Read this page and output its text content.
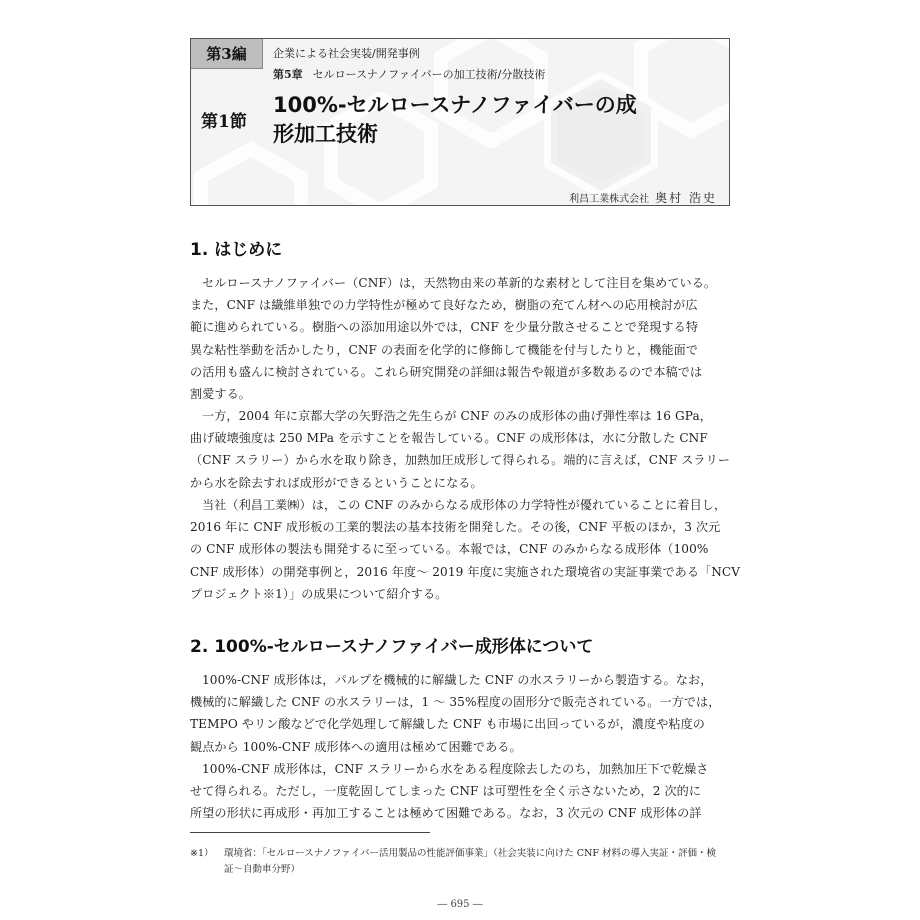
第3編	企業による社会実装/開発事例
第5章 セルロースナノファイバーの加工技術/分散技術
第1節
100%-セルロースナノファイバーの成
形加工技術
利昌工業株式会社 奥村 浩史
1. はじめに
セルロースナノファイバー（CNF）は，天然物由来の革新的な素材として注目を集めている。
また，CNF は繊維単独での力学特性が極めて良好なため，樹脂の充てん材への応用検討が広
範に進められている。樹脂への添加用途以外では，CNF を少量分散させることで発現する特
異な粘性挙動を活かしたり，CNF の表面を化学的に修飾して機能を付与したりと，機能面で
の活用も盛んに検討されている。これら研究開発の詳細は報告や報道が多数あるので本稿では
割愛する。
一方，2004 年に京都大学の矢野浩之先生らが CNF のみの成形体の曲げ弾性率は 16 GPa，
曲げ破壊強度は 250 MPa を示すことを報告している。CNF の成形体は，水に分散した CNF
（CNF スラリー）から水を取り除き，加熱加圧成形して得られる。端的に言えば，CNF スラリー
から水を除去すれば成形ができるということになる。
当社（利昌工業㈱）は，この CNF のみからなる成形体の力学特性が優れていることに着目し，
2016 年に CNF 成形板の工業的製法の基本技術を開発した。その後，CNF 平板のほか，3 次元
の CNF 成形体の製法も開発するに至っている。本報では，CNF のみからなる成形体（100%
CNF 成形体）の開発事例と，2016 年度～ 2019 年度に実施された環境省の実証事業である「NCV
プロジェクト※1）」の成果について紹介する。
2. 100%-セルロースナノファイバー成形体について
100%-CNF 成形体は，パルプを機械的に解繊した CNF の水スラリーから製造する。なお，
機械的に解繊した CNF の水スラリーは，1 ～ 35%程度の固形分で販売されている。一方では，
TEMPO やリン酸などで化学処理して解繊した CNF も市場に出回っているが，濃度や粘度の
観点から 100%-CNF 成形体への適用は極めて困難である。
100%-CNF 成形体は，CNF スラリーから水をある程度除去したのち，加熱加圧下で乾燥さ
せて得られる。ただし，一度乾固してしまった CNF は可塑性を全く示さないため，2 次的に
所望の形状に再成形・再加工することは極めて困難である。なお，3 次元の CNF 成形体の詳
※1） 環境省：「セルロースナノファイバー活用製品の性能評価事業」（社会実装に向けた CNF 材料の導入実証・評価・検
証～自動車分野）
― 695 ―
